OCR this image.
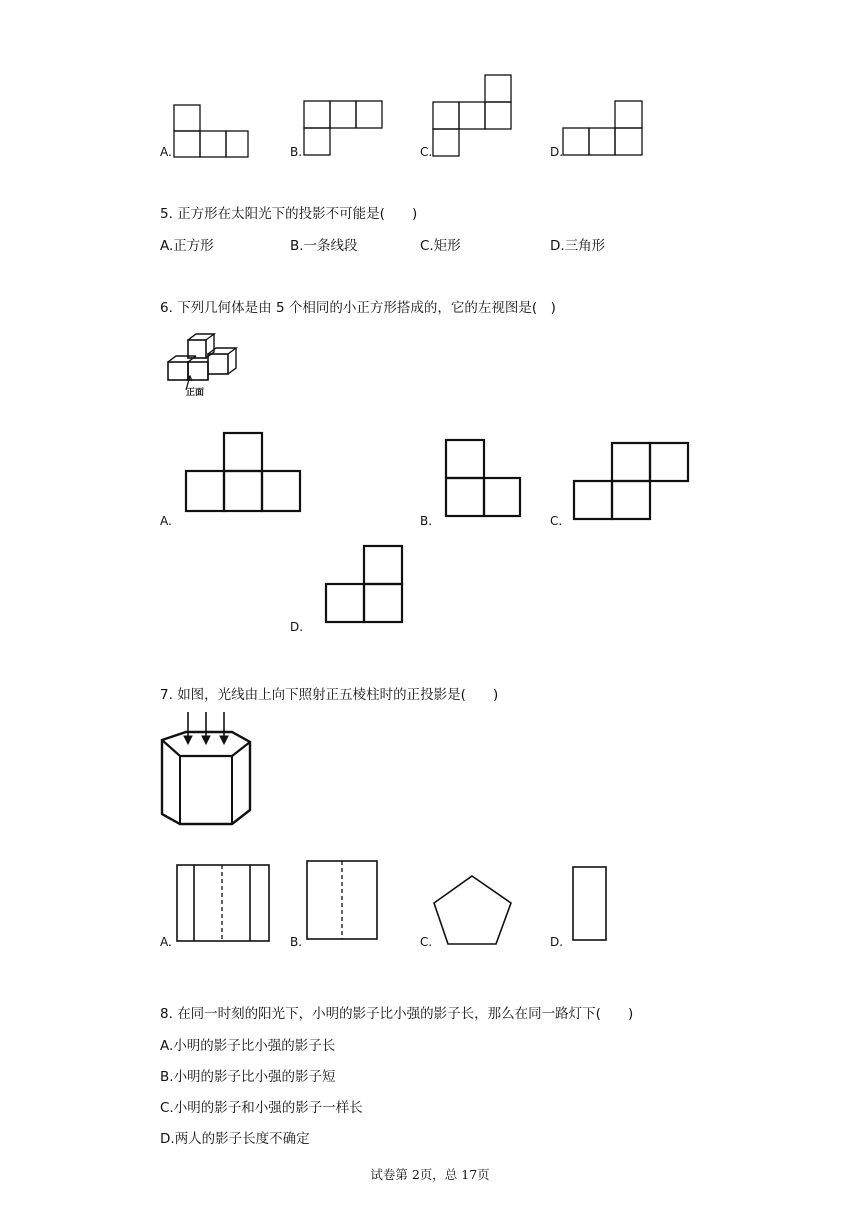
A.	B.	C.	D.
5. 正方形在太阳光下的投影不可能是(　　)
A.正方形	B.一条线段	C.矩形	D.三角形
6. 下列几何体是由 5 个相同的小正方形搭成的，它的左视图是(　)
正面
A.	B.	C.
D.
7. 如图，光线由上向下照射正五棱柱时的正投影是(　　)
A.	B.	C.	D.
8. 在同一时刻的阳光下，小明的影子比小强的影子长，那么在同一路灯下(　　)
A.小明的影子比小强的影子长
B.小明的影子比小强的影子短
C.小明的影子和小强的影子一样长
D.两人的影子长度不确定
试卷第 2页，总 17页
